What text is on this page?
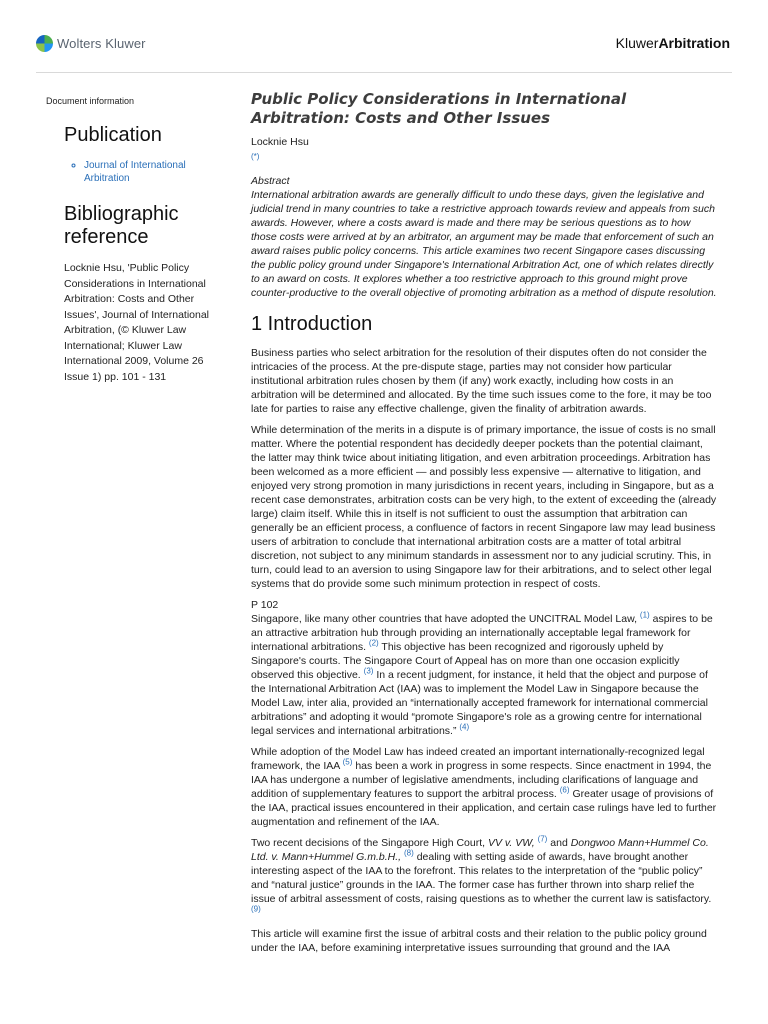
Wolters Kluwer	KluwerArbitration
Document information
Publication
◦ Journal of International Arbitration
Bibliographic reference
Locknie Hsu, 'Public Policy Considerations in International Arbitration: Costs and Other Issues', Journal of International Arbitration, (© Kluwer Law International; Kluwer Law International 2009, Volume 26 Issue 1) pp. 101 - 131
Public Policy Considerations in International Arbitration: Costs and Other Issues
Locknie Hsu
(*)
Abstract
International arbitration awards are generally difficult to undo these days, given the legislative and judicial trend in many countries to take a restrictive approach towards review and appeals from such awards. However, where a costs award is made and there may be serious questions as to how those costs were arrived at by an arbitrator, an argument may be made that enforcement of such an award raises public policy concerns. This article examines two recent Singapore cases discussing the public policy ground under Singapore's International Arbitration Act, one of which relates directly to an award on costs. It explores whether a too restrictive approach to this ground might prove counter-productive to the overall objective of promoting arbitration as a method of dispute resolution.
1 Introduction

Business parties who select arbitration for the resolution of their disputes often do not consider the intricacies of the process. At the pre-dispute stage, parties may not consider how particular institutional arbitration rules chosen by them (if any) work exactly, including how costs in an arbitration will be determined and allocated. By the time such issues come to the fore, it may be too late for parties to raise any effective challenge, given the finality of arbitration awards.

While determination of the merits in a dispute is of primary importance, the issue of costs is no small matter. Where the potential respondent has decidedly deeper pockets than the potential claimant, the latter may think twice about initiating litigation, and even arbitration proceedings. Arbitration has been welcomed as a more efficient — and possibly less expensive — alternative to litigation, and enjoyed very strong promotion in many jurisdictions in recent years, including in Singapore, but as a recent case demonstrates, arbitration costs can be very high, to the extent of exceeding the (already large) claim itself. While this in itself is not sufficient to oust the assumption that arbitration can generally be an efficient process, a confluence of factors in recent Singapore law may lead business users of arbitration to conclude that international arbitration costs are a matter of total arbitral discretion, not subject to any minimum standards in assessment nor to any judicial scrutiny. This, in turn, could lead to an aversion to using Singapore law for their arbitrations, and to select other legal systems that do provide some such minimum protection in respect of costs.

P 102

Singapore, like many other countries that have adopted the UNCITRAL Model Law, $^{(1)}$ aspires to be an attractive arbitration hub through providing an internationally acceptable legal framework for international arbitrations. $^{(2)}$ This objective has been recognized and rigorously upheld by Singapore's courts. The Singapore Court of Appeal has on more than one occasion explicitly observed this objective. $^{(3)}$ In a recent judgment, for instance, it held that the object and purpose of the International Arbitration Act (IAA) was to implement the Model Law in Singapore because the Model Law, inter alia, provided an “internationally accepted framework for international commercial arbitrations” and adopting it would “promote Singapore's role as a growing centre for international legal services and international arbitrations.” $^{(4)}$

While adoption of the Model Law has indeed created an important internationally-recognized legal framework, the IAA $^{(5)}$ has been a work in progress in some respects. Since enactment in 1994, the IAA has undergone a number of legislative amendments, including clarifications of language and addition of supplementary features to support the arbitral process. $^{(6)}$ Greater usage of provisions of the IAA, practical issues encountered in their application, and certain case rulings have led to further augmentation and refinement of the IAA.

Two recent decisions of the Singapore High Court, VV v. VW, $^{(7)}$ and Dongwoo Mann+Hummel Co. Ltd. v. Mann+Hummel G.m.b.H., $^{(8)}$ dealing with setting aside of awards, have brought another interesting aspect of the IAA to the forefront. This relates to the interpretation of the “public policy” and “natural justice” grounds in the IAA. The former case has further thrown into sharp relief the issue of arbitral assessment of costs, raising questions as to whether the current law is satisfactory. $^{(9)}$

This article will examine first the issue of arbitral costs and their relation to the public policy ground under the IAA, before examining interpretative issues surrounding that ground and the IAA
